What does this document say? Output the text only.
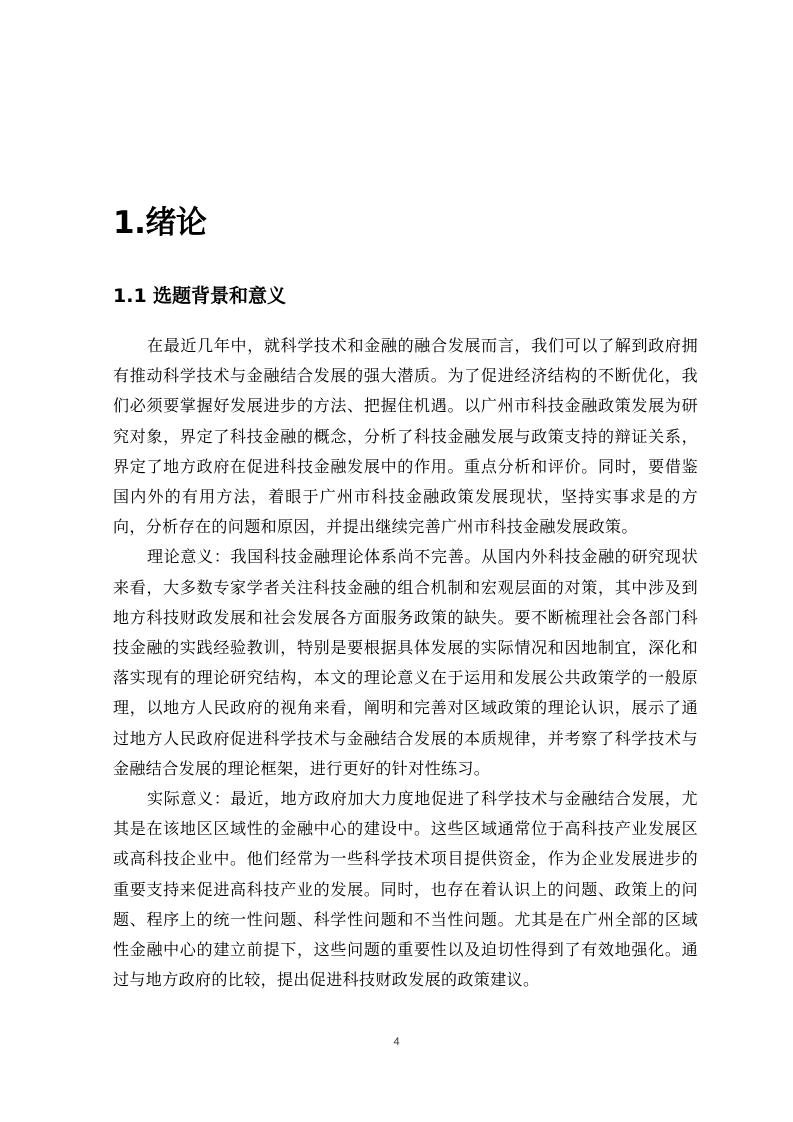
1.绪论
1.1 选题背景和意义

在最近几年中，就科学技术和金融的融合发展而言，我们可以了解到政府拥有推动科学技术与金融结合发展的强大潜质。为了促进经济结构的不断优化，我们必须要掌握好发展进步的方法、把握住机遇。以广州市科技金融政策发展为研究对象，界定了科技金融的概念，分析了科技金融发展与政策支持的辩证关系，界定了地方政府在促进科技金融发展中的作用。重点分析和评价。同时，要借鉴国内外的有用方法，着眼于广州市科技金融政策发展现状，坚持实事求是的方向，分析存在的问题和原因，并提出继续完善广州市科技金融发展政策。

理论意义：我国科技金融理论体系尚不完善。从国内外科技金融的研究现状来看，大多数专家学者关注科技金融的组合机制和宏观层面的对策，其中涉及到地方科技财政发展和社会发展各方面服务政策的缺失。要不断梳理社会各部门科技金融的实践经验教训，特别是要根据具体发展的实际情况和因地制宜，深化和落实现有的理论研究结构，本文的理论意义在于运用和发展公共政策学的一般原理，以地方人民政府的视角来看，阐明和完善对区域政策的理论认识，展示了通过地方人民政府促进科学技术与金融结合发展的本质规律，并考察了科学技术与金融结合发展的理论框架，进行更好的针对性练习。

实际意义：最近，地方政府加大力度地促进了科学技术与金融结合发展，尤其是在该地区区域性的金融中心的建设中。这些区域通常位于高科技产业发展区或高科技企业中。他们经常为一些科学技术项目提供资金，作为企业发展进步的重要支持来促进高科技产业的发展。同时，也存在着认识上的问题、政策上的问题、程序上的统一性问题、科学性问题和不当性问题。尤其是在广州全部的区域性金融中心的建立前提下，这些问题的重要性以及迫切性得到了有效地强化。通过与地方政府的比较，提出促进科技财政发展的政策建议。

4
